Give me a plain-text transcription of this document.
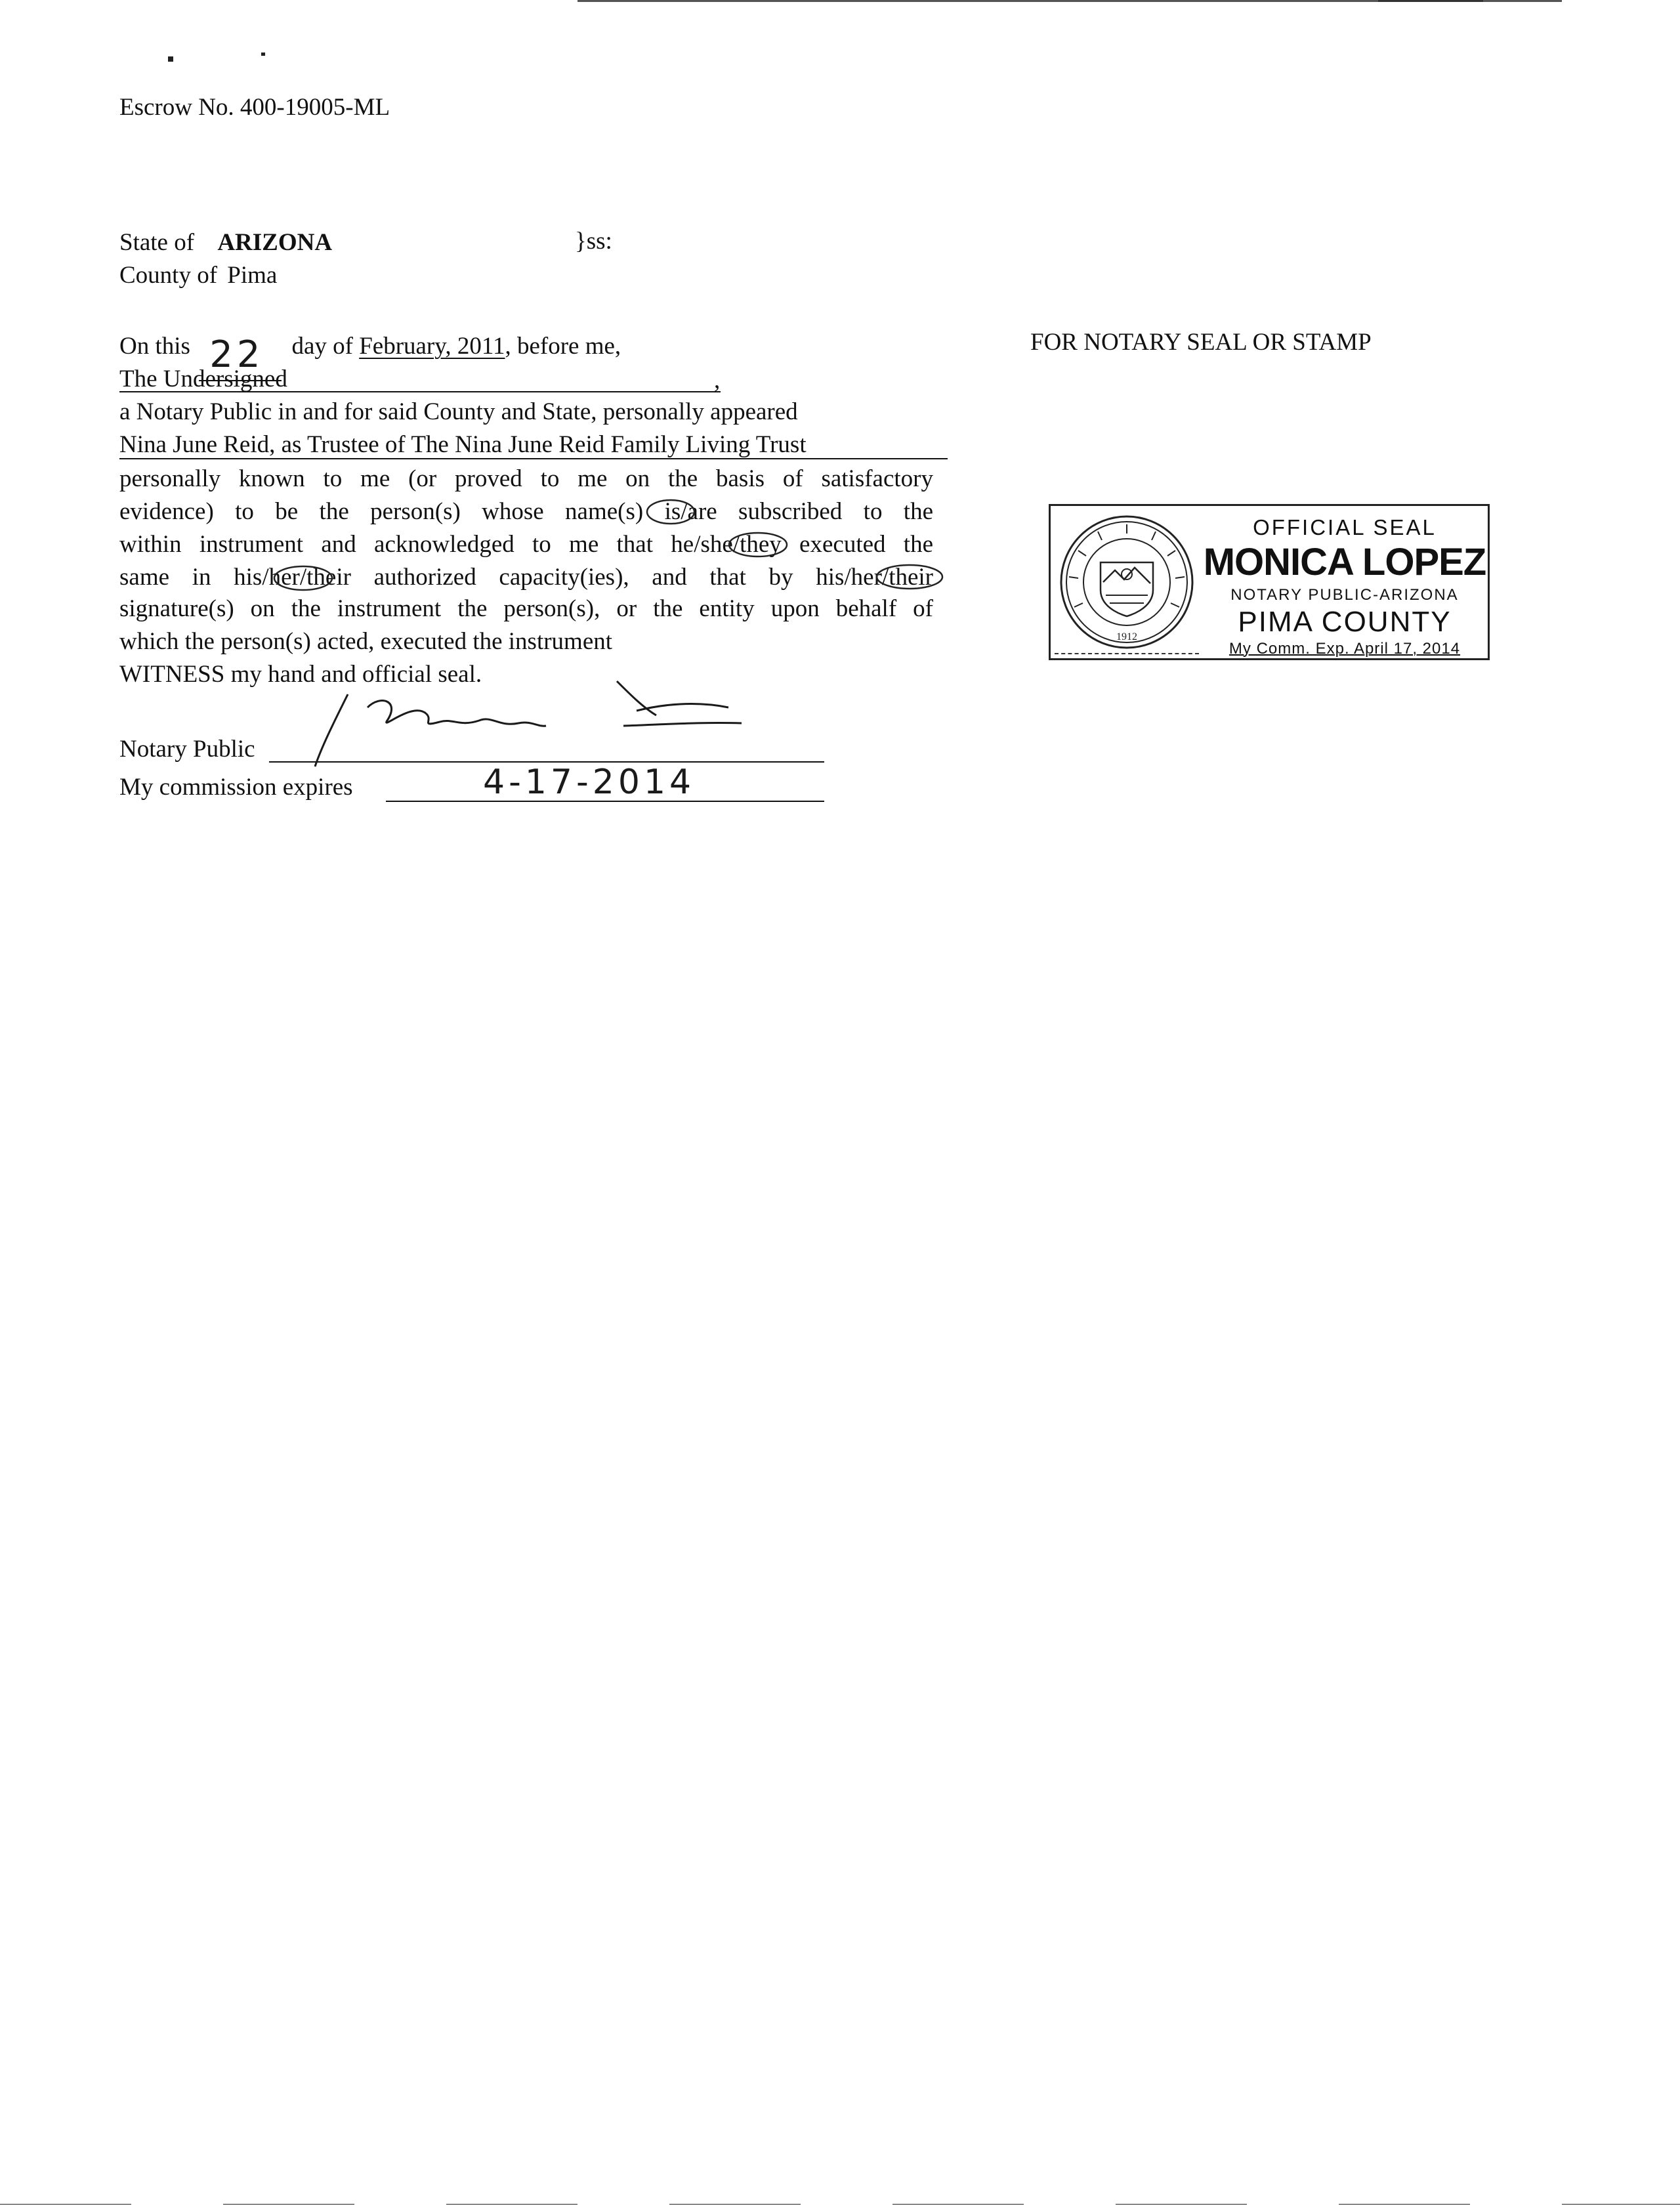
Escrow No. 400-19005-ML
State of ARIZONA	}ss:
County of Pima
FOR NOTARY SEAL OR STAMP
On this 22 day of February, 2011, before me,
The Undersigned	,
a Notary Public in and for said County and State, personally appeared
Nina June Reid, as Trustee of The Nina June Reid Family Living Trust
personally known to me (or proved to me on the basis of satisfactory
evidence) to be the person(s) whose name(s) is/are subscribed to the
within instrument and acknowledged to me that he/she/they executed the
same in his/her/their authorized capacity(ies), and that by his/her/their
signature(s) on the instrument the person(s), or the entity upon behalf of
which the person(s) acted, executed the instrument
WITNESS my hand and official seal.
Notary Public
My commission expires	4-17-2014
1912
OFFICIAL SEAL
MONICA LOPEZ
NOTARY PUBLIC-ARIZONA
PIMA COUNTY
My Comm. Exp. April 17, 2014
